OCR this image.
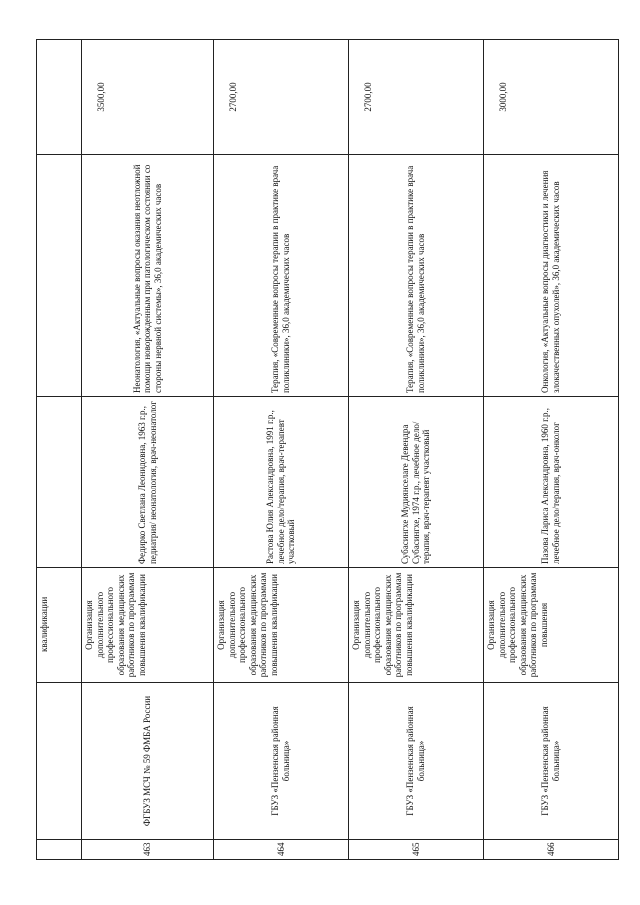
		квалификации			
463	ФГБУЗ МСЧ № 59 ФМБА России	Организация дополнительного профессионального образования медицинских работников по программам повышения квалификации	Федирко Светлана Леонидовна, 1963 г.р., педиатрия/ неонатология, врач-неонатолог	Неонатология, «Актуальные вопросы оказания неотложной помощи новорожденным при патологическом состоянии со стороны нервной системы», 36,0 академических часов	3500,00
464	ГБУЗ «Пензенская районная больница»	Организация дополнительного профессионального образования медицинских работников по программам повышения квалификации	Растова Юлия Александровна, 1991 г.р., лечебное дело/терапия, врач-терапевт участковый	Терапия, «Современные вопросы терапии в практике врача поликлиники», 36,0 академических часов	2700,00
465	ГБУЗ «Пензенская районная больница»	Организация дополнительного профессионального образования медицинских работников по программам повышения квалификации	Субасингхе Мудиянселаге Девендра Субасингхе, 1974 г.р., лечебное дело/терапия, врач-терапевт участковый	Терапия, «Современные вопросы терапии в практике врача поликлиники», 36,0 академических часов	2700,00
466	ГБУЗ «Пензенская районная больница»	Организация дополнительного профессионального образования медицинских работников по программам повышения	Пазова Лариса Александровна, 1960 г.р., лечебное дело/терапия, врач-онколог	Онкология, «Актуальные вопросы диагностики и лечения злокачественных опухолей», 36,0 академических часов	3000,00
